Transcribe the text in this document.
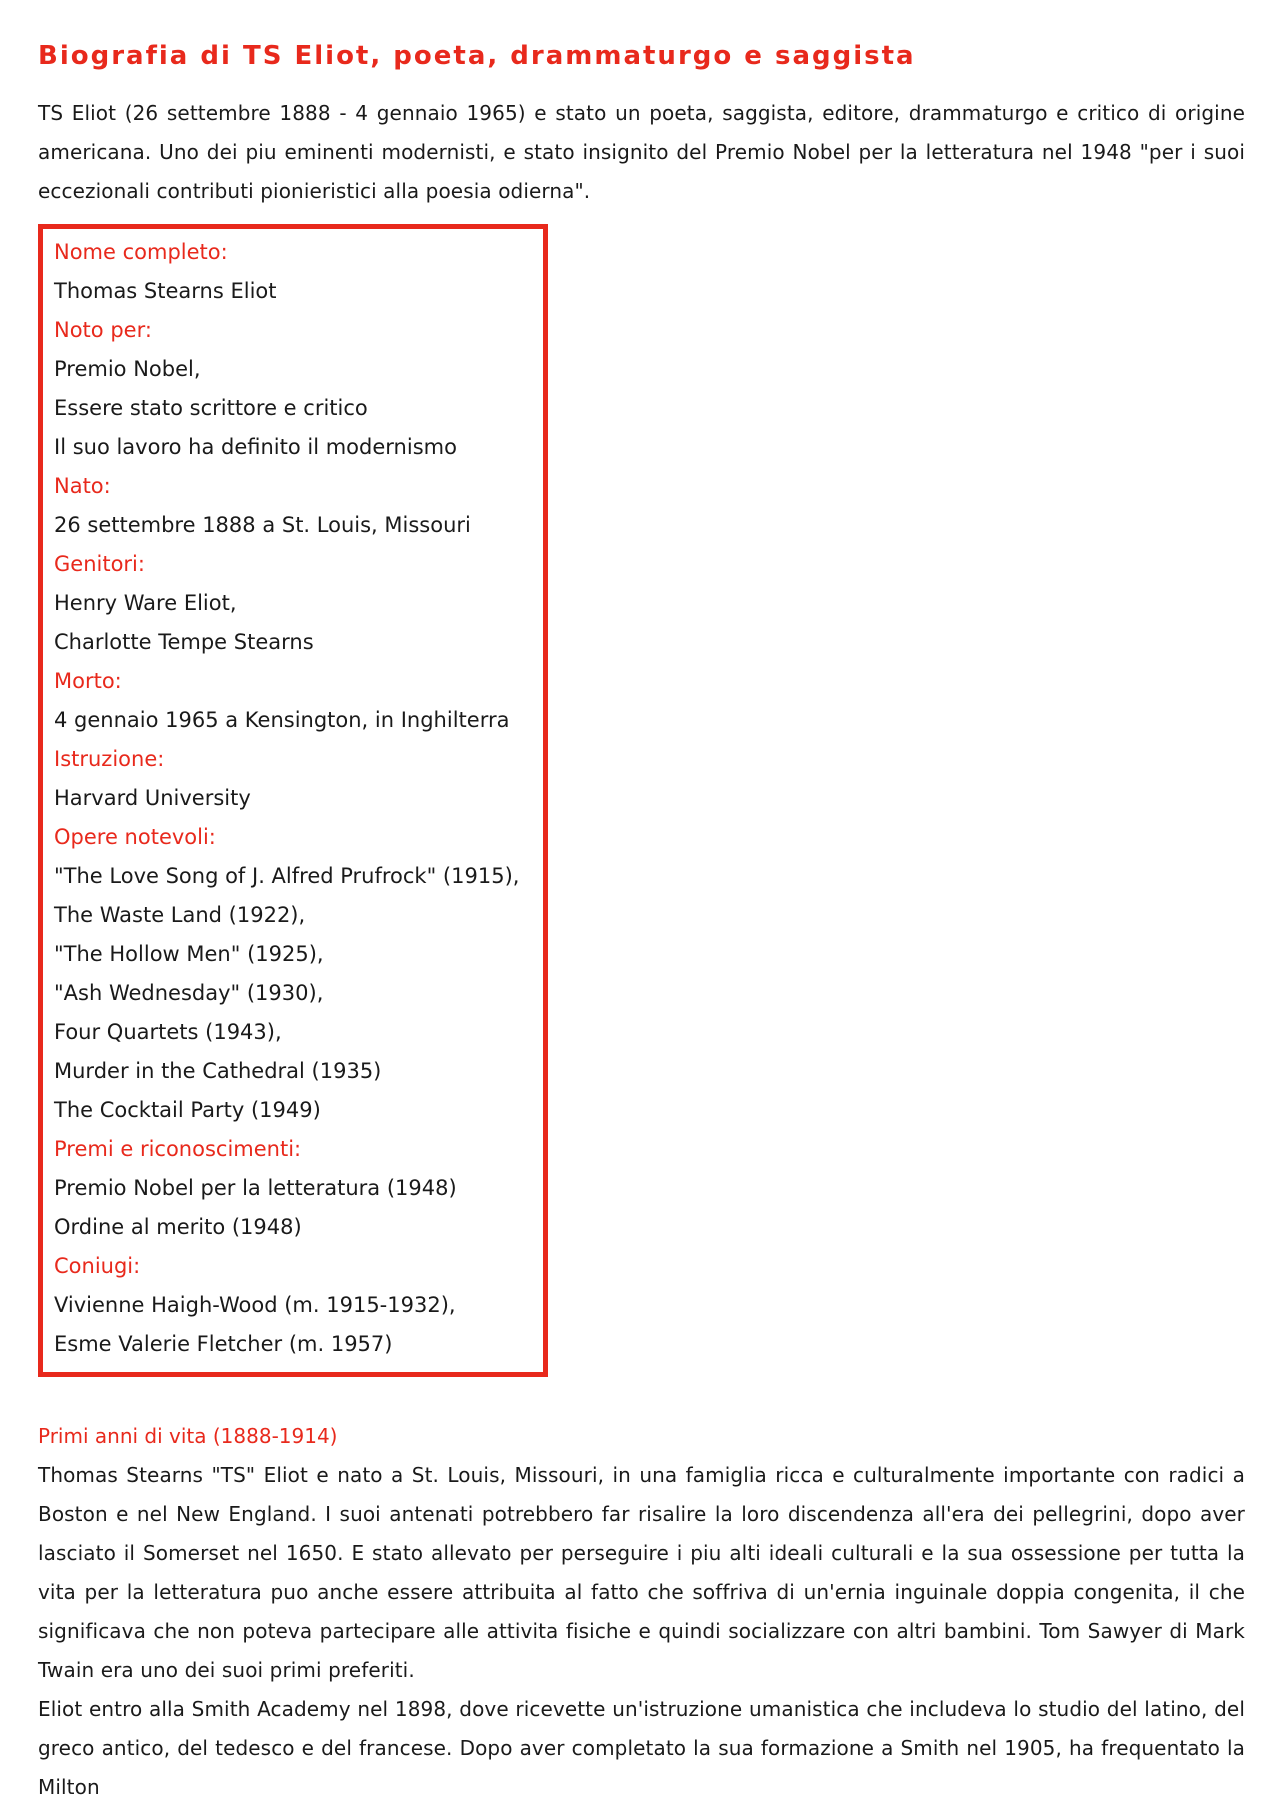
Biografia di TS Eliot, poeta, drammaturgo e saggista

TS Eliot (26 settembre 1888 - 4 gennaio 1965) e stato un poeta, saggista, editore, drammaturgo e critico di origine americana. Uno dei piu eminenti modernisti, e stato insignito del Premio Nobel per la letteratura nel 1948 "per i suoi eccezionali contributi pionieristici alla poesia odierna".

Nome completo:
Thomas Stearns Eliot
Noto per:
Premio Nobel,
Essere stato scrittore e critico
Il suo lavoro ha definito il modernismo
Nato:
26 settembre 1888 a St. Louis, Missouri
Genitori:
Henry Ware Eliot,
Charlotte Tempe Stearns
Morto:
4 gennaio 1965 a Kensington, in Inghilterra
Istruzione:
Harvard University
Opere notevoli:
"The Love Song of J. Alfred Prufrock" (1915),
The Waste Land (1922),
"The Hollow Men" (1925),
"Ash Wednesday" (1930),
Four Quartets (1943),
Murder in the Cathedral (1935)
The Cocktail Party (1949)
Premi e riconoscimenti:
Premio Nobel per la letteratura (1948)
Ordine al merito (1948)
Coniugi:
Vivienne Haigh-Wood (m. 1915-1932),
Esme Valerie Fletcher (m. 1957)
Primi anni di vita (1888-1914)

Thomas Stearns "TS" Eliot e nato a St. Louis, Missouri, in una famiglia ricca e culturalmente importante con radici a Boston e nel New England. I suoi antenati potrebbero far risalire la loro discendenza all'era dei pellegrini, dopo aver lasciato il Somerset nel 1650. E stato allevato per perseguire i piu alti ideali culturali e la sua ossessione per tutta la vita per la letteratura puo anche essere attribuita al fatto che soffriva di un'ernia inguinale doppia congenita, il che significava che non poteva partecipare alle attivita fisiche e quindi socializzare con altri bambini. Tom Sawyer di Mark Twain era uno dei suoi primi preferiti.

Eliot entro alla Smith Academy nel 1898, dove ricevette un'istruzione umanistica che includeva lo studio del latino, del greco antico, del tedesco e del francese. Dopo aver completato la sua formazione a Smith nel 1905, ha frequentato la Milton
